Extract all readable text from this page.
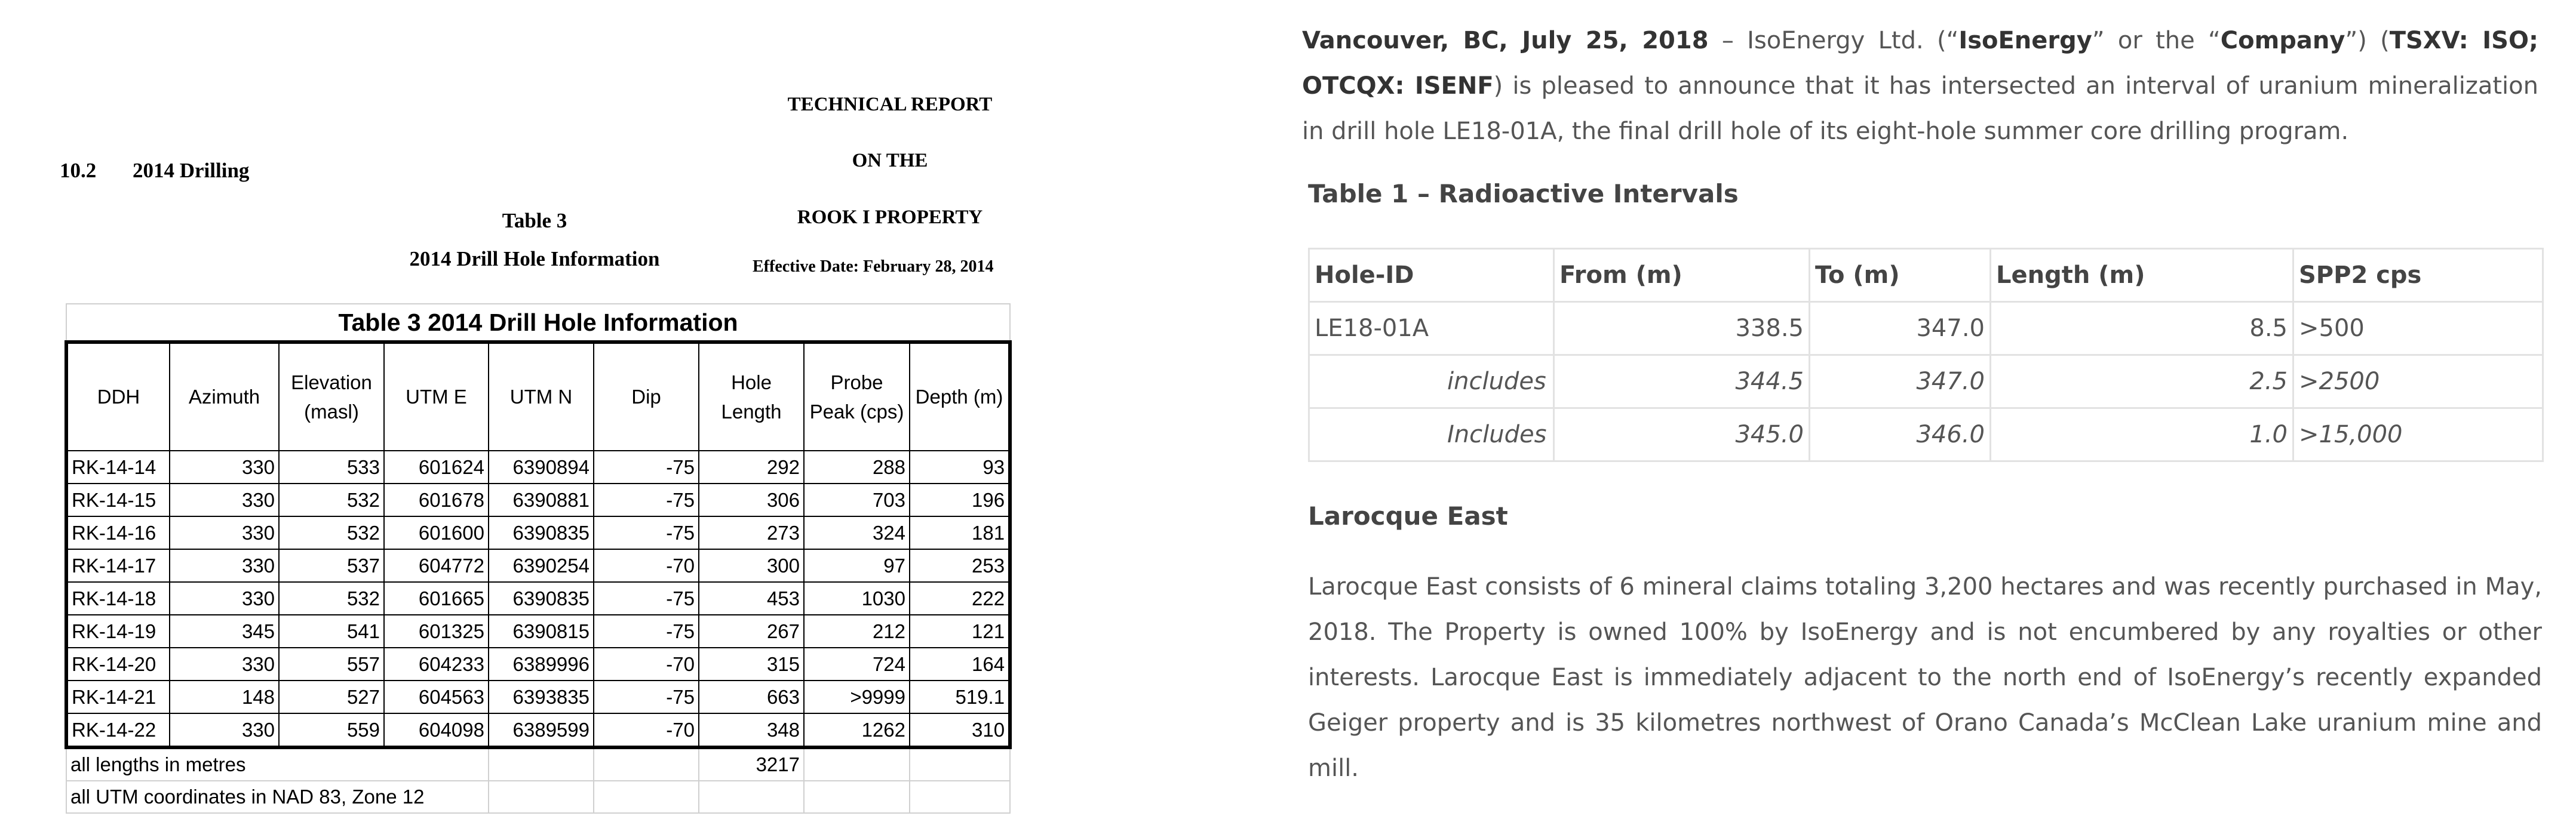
TECHNICAL REPORT
ON THE
ROOK I PROPERTY
Effective Date: February 28, 2014
10.2 2014 Drilling
Table 3
2014 Drill Hole Information
Table 3 2014 Drill Hole Information								
DDH	Azimuth	Elevation (masl)	UTM E	UTM N	Dip	Hole Length	Probe Peak (cps)	Depth (m)
RK-14-14	330	533	601624	6390894	-75	292	288	93
RK-14-15	330	532	601678	6390881	-75	306	703	196
RK-14-16	330	532	601600	6390835	-75	273	324	181
RK-14-17	330	537	604772	6390254	-70	300	97	253
RK-14-18	330	532	601665	6390835	-75	453	1030	222
RK-14-19	345	541	601325	6390815	-75	267	212	121
RK-14-20	330	557	604233	6389996	-70	315	724	164
RK-14-21	148	527	604563	6393835	-75	663	>9999	519.1
RK-14-22	330	559	604098	6389599	-70	348	1262	310
all lengths in metres						3217		
all UTM coordinates in NAD 83, Zone 12								

Vancouver, BC, July 25, 2018 – IsoEnergy Ltd. (“IsoEnergy” or the “Company”) (TSXV: ISO; OTCQX: ISENF) is pleased to announce that it has intersected an interval of uranium mineralization in drill hole LE18-01A, the final drill hole of its eight-hole summer core drilling program.

Table 1 – Radioactive Intervals
Hole-ID	From (m)	To (m)	Length (m)	SPP2 cps
LE18-01A	338.5	347.0	8.5	>500
includes	344.5	347.0	2.5	>2500
Includes	345.0	346.0	1.0	>15,000
Larocque East

Larocque East consists of 6 mineral claims totaling 3,200 hectares and was recently purchased in May, 2018. The Property is owned 100% by IsoEnergy and is not encumbered by any royalties or other interests. Larocque East is immediately adjacent to the north end of IsoEnergy’s recently expanded Geiger property and is 35 kilometres northwest of Orano Canada’s McClean Lake uranium mine and mill.
